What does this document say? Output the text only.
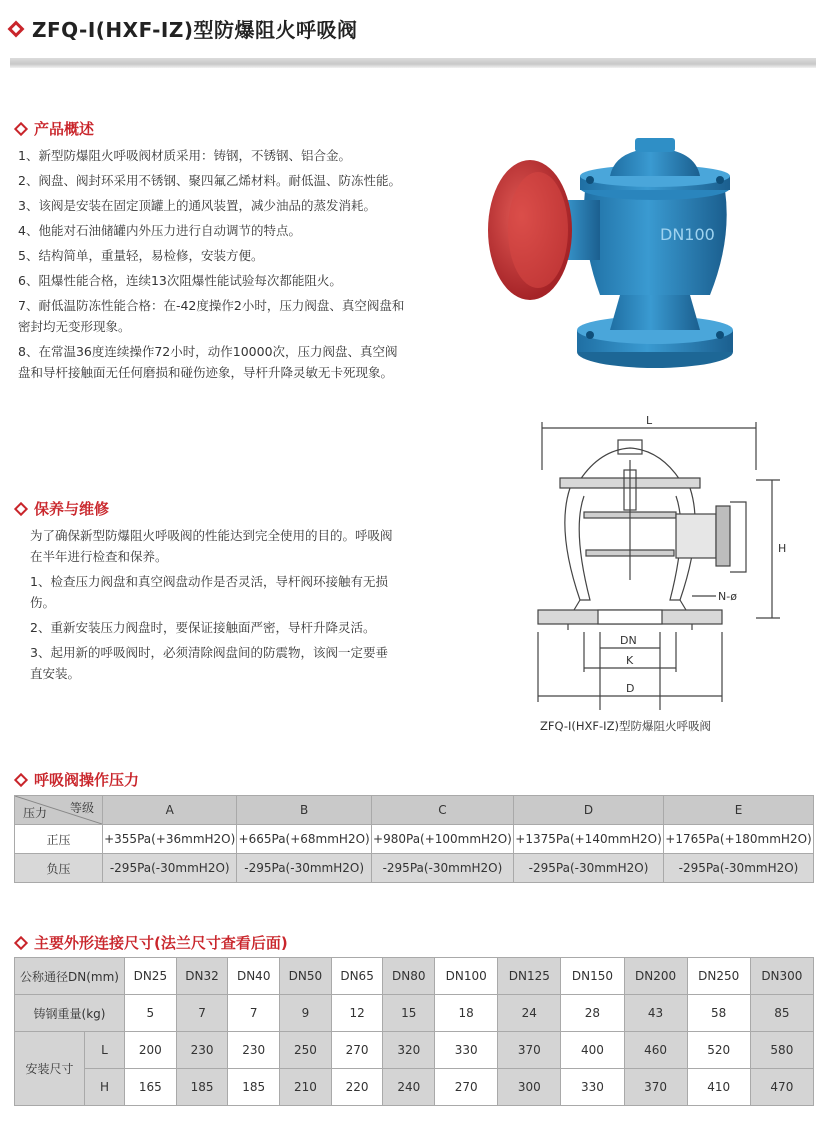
ZFQ-I(HXF-IZ)型防爆阻火呼吸阀
产品概述
1、新型防爆阻火呼吸阀材质采用：铸钢，不锈钢、铝合金。
2、阀盘、阀封环采用不锈钢、聚四氟乙烯材料。耐低温、防冻性能。
3、该阀是安装在固定顶罐上的通风装置，减少油品的蒸发消耗。
4、他能对石油储罐内外压力进行自动调节的特点。
5、结构简单，重量轻，易检修，安装方便。
6、阻爆性能合格，连续13次阻爆性能试验每次都能阻火。
7、耐低温防冻性能合格：在-42度操作2小时，压力阀盘、真空阀盘和密封均无变形现象。
8、在常温36度连续操作72小时，动作10000次，压力阀盘、真空阀盘和导杆接触面无任何磨损和碰伤迹象，导杆升降灵敏无卡死现象。
DN100
L
H
N-ø
DN
K
D
ZFQ-I(HXF-IZ)型防爆阻火呼吸阀
保养与维修
为了确保新型防爆阻火呼吸阀的性能达到完全使用的目的。呼吸阀在半年进行检查和保养。
1、检查压力阀盘和真空阀盘动作是否灵活，导杆阀环接触有无损伤。
2、重新安装压力阀盘时，要保证接触面严密，导杆升降灵活。
3、起用新的呼吸阀时，必须清除阀盘间的防震物，该阀一定要垂直安装。
呼吸阀操作压力
等级
压力	A	B	C	D	E
正压	+355Pa(+36mmH2O)	+665Pa(+68mmH2O)	+980Pa(+100mmH2O)	+1375Pa(+140mmH2O)	+1765Pa(+180mmH2O)
负压	-295Pa(-30mmH2O)	-295Pa(-30mmH2O)	-295Pa(-30mmH2O)	-295Pa(-30mmH2O)	-295Pa(-30mmH2O)
主要外形连接尺寸(法兰尺寸查看后面)
公称通径DN(mm)		DN25	DN32	DN40	DN50	DN65	DN80	DN100	DN125	DN150	DN200	DN250	DN300
铸钢重量(kg)		5	7	7	9	12	15	18	24	28	43	58	85
安装尺寸	L	200	230	230	250	270	320	330	370	400	460	520	580
	H	165	185	185	210	220	240	270	300	330	370	410	470
